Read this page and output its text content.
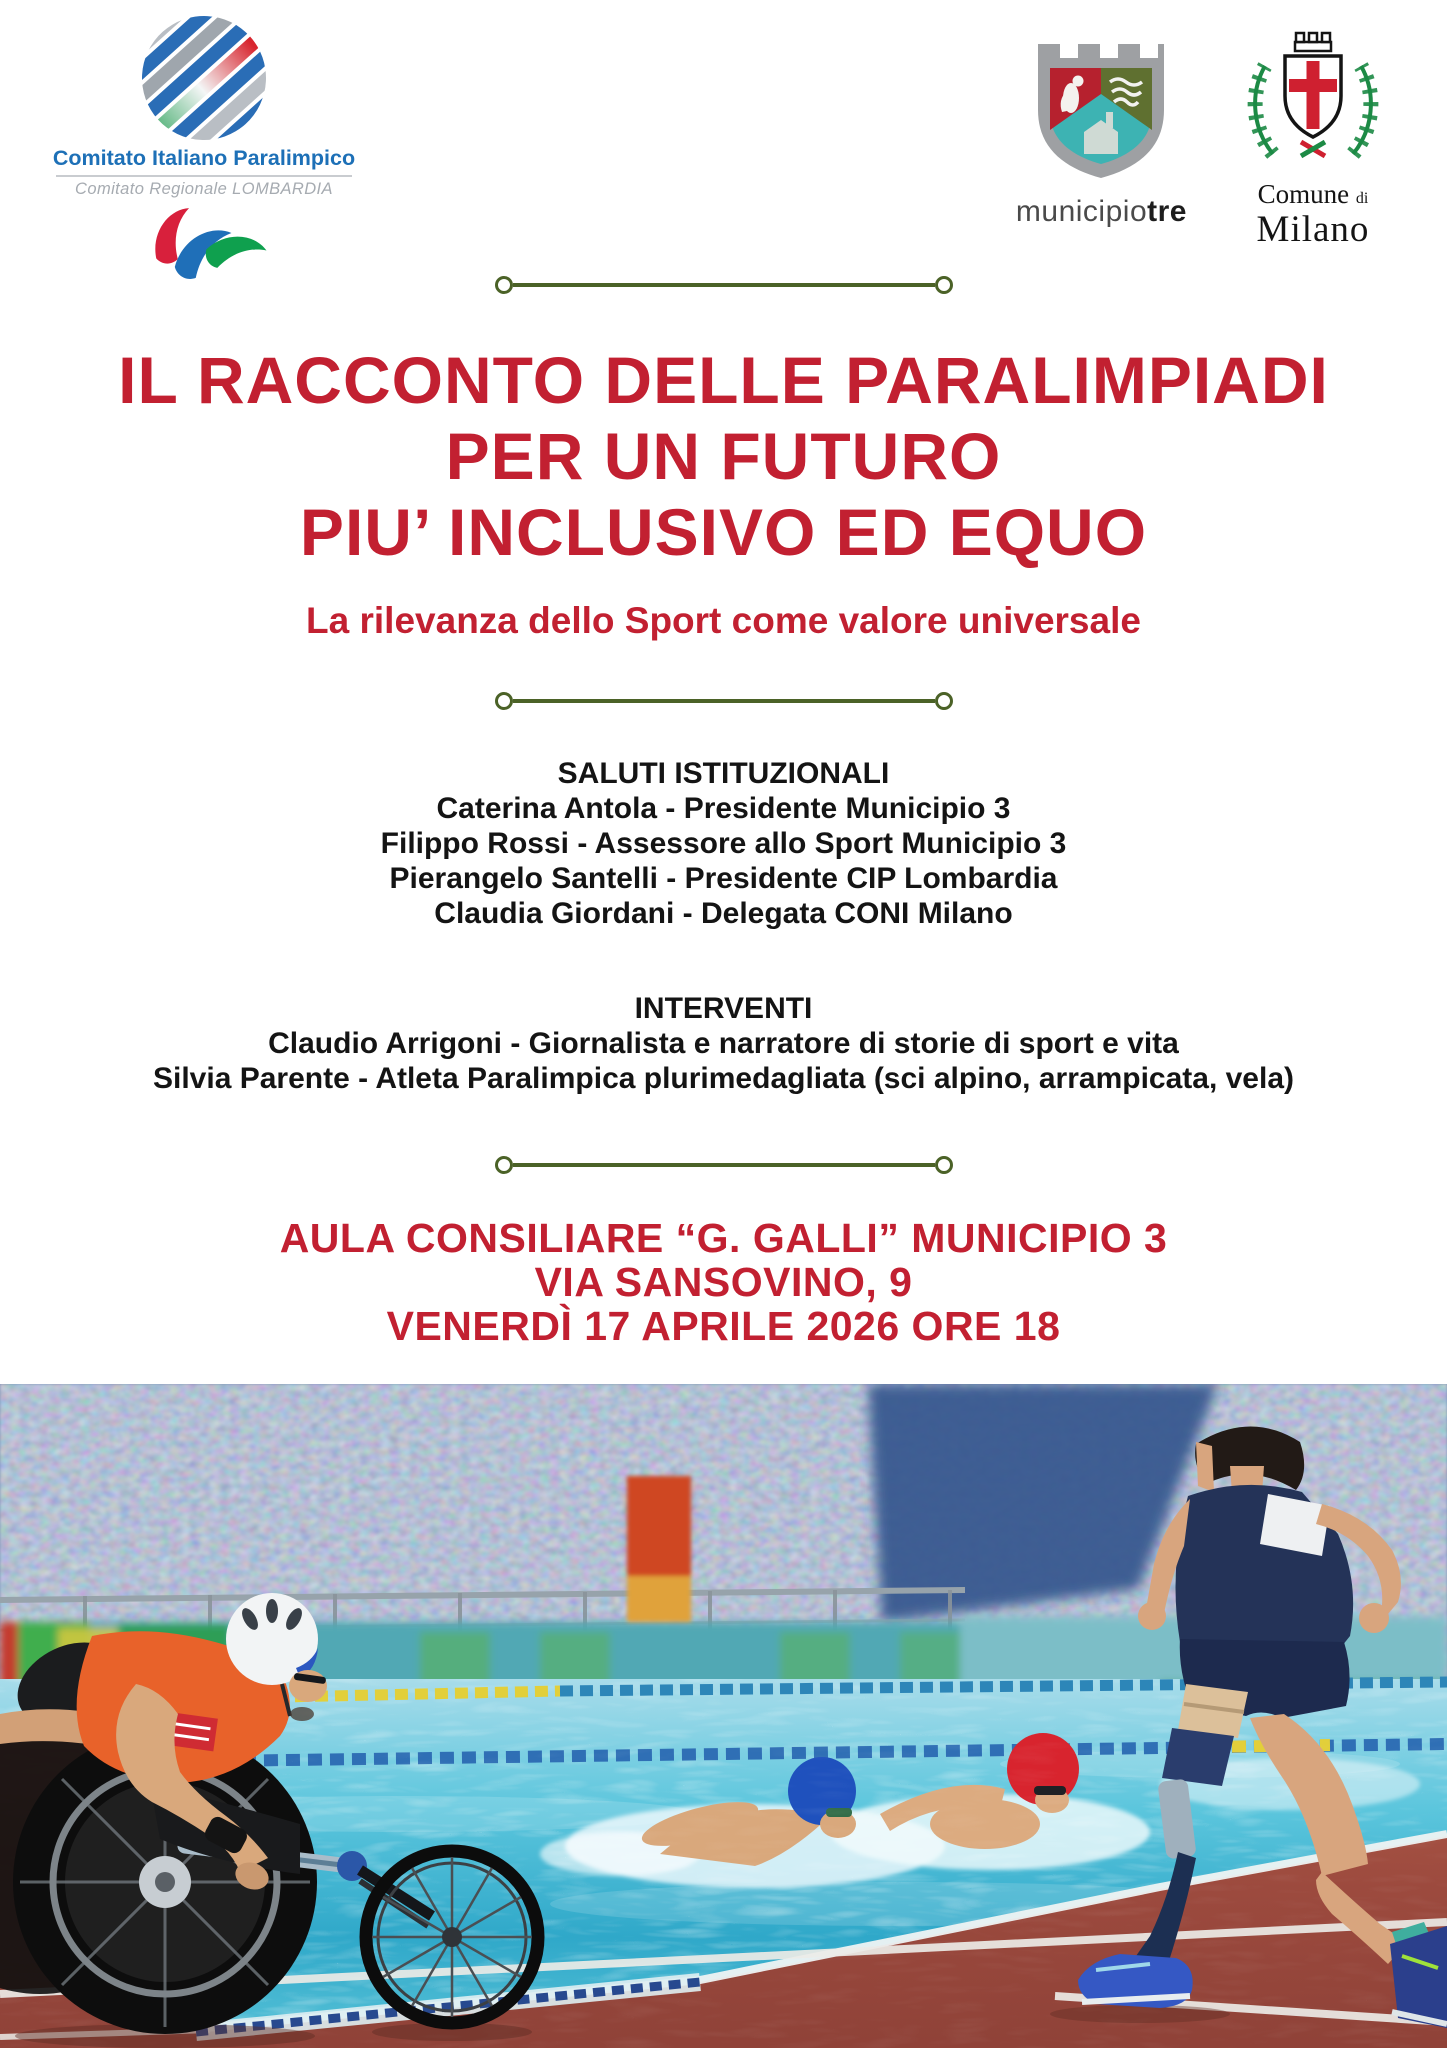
Comitato Italiano Paralimpico
Comitato Regionale LOMBARDIA
municipiotre
Comune di
Milano
IL RACCONTO DELLE PARALIMPIADI
PER UN FUTURO
PIU’ INCLUSIVO ED EQUO
La rilevanza dello Sport come valore universale
SALUTI ISTITUZIONALI
Caterina Antola - Presidente Municipio 3
Filippo Rossi - Assessore allo Sport Municipio 3
Pierangelo Santelli - Presidente CIP Lombardia
Claudia Giordani - Delegata CONI Milano
INTERVENTI
Claudio Arrigoni - Giornalista e narratore di storie di sport e vita
Silvia Parente - Atleta Paralimpica plurimedagliata (sci alpino, arrampicata, vela)
AULA CONSILIARE “G. GALLI” MUNICIPIO 3
VIA SANSOVINO, 9
VENERDÌ 17 APRILE 2026 ORE 18
